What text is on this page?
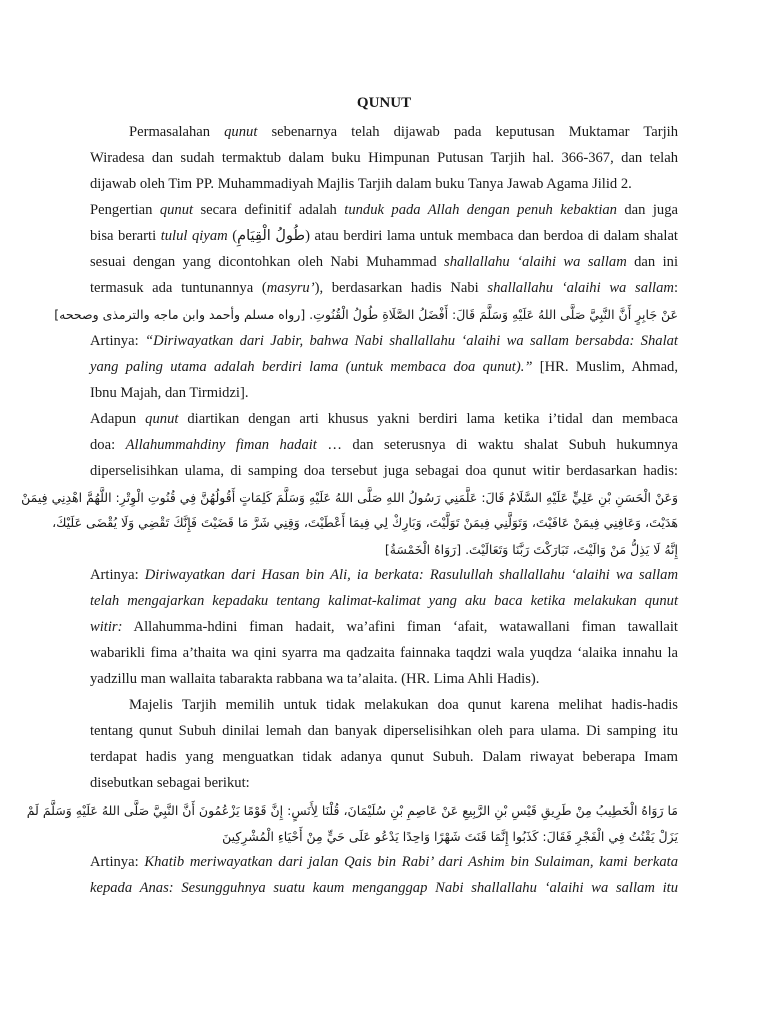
QUNUT
Permasalahan qunut sebenarnya telah dijawab pada keputusan Muktamar Tarjih
Wiradesa dan sudah termaktub dalam buku Himpunan Putusan Tarjih hal. 366-367, dan telah
dijawab oleh Tim PP. Muhammadiyah Majlis Tarjih dalam buku Tanya Jawab Agama Jilid 2.
Pengertian qunut secara definitif adalah tunduk pada Allah dengan penuh kebaktian dan juga
bisa berarti tulul qiyam (طُولُ الْقِيَامِ) atau berdiri lama untuk membaca dan berdoa di dalam shalat
sesuai dengan yang dicontohkan oleh Nabi Muhammad shallallahu ‘alaihi wa sallam dan ini
termasuk ada tuntunannya (masyru’), berdasarkan hadis Nabi shallallahu ‘alaihi wa sallam:
عَنْ جَابِرٍ أَنَّ النَّبِيَّ صَلَّى اللهُ عَلَيْهِ وَسَلَّمَ قَالَ: أَفْضَلُ الصَّلَاةِ طُولُ الْقُنُوتِ. [رواه مسلم وأحمد وابن ماجه والترمذى وصححه]
Artinya: “Diriwayatkan dari Jabir, bahwa Nabi shallallahu ‘alaihi wa sallam bersabda: Shalat
yang paling utama adalah berdiri lama (untuk membaca doa qunut).” [HR. Muslim, Ahmad,
Ibnu Majah, dan Tirmidzi].
Adapun qunut diartikan dengan arti khusus yakni berdiri lama ketika i’tidal dan membaca
doa: Allahummahdiny fiman hadait … dan seterusnya di waktu shalat Subuh hukumnya
diperselisihkan ulama, di samping doa tersebut juga sebagai doa qunut witir berdasarkan hadis:
وَعَنْ الْحَسَنِ بْنِ عَلِيٍّ عَلَيْهِ السَّلَامُ قَالَ: عَلَّمَنِي رَسُولُ اللهِ صَلَّى اللهُ عَلَيْهِ وَسَلَّمَ كَلِمَاتٍ أَقُولُهُنَّ فِي قُنُوتِ الْوِتْرِ: اللَّهُمَّ اهْدِنِي فِيمَنْ
هَدَيْتَ، وَعَافِنِي فِيمَنْ عَافَيْتَ، وَتَوَلَّنِي فِيمَنْ تَوَلَّيْتَ، وَبَارِكْ لِي فِيمَا أَعْطَيْتَ، وَقِنِي شَرَّ مَا قَضَيْتَ فَإِنَّكَ تَقْضِي وَلَا يُقْضَى عَلَيْكَ،
إِنَّهُ لَا يَذِلُّ مَنْ وَالَيْتَ، تَبَارَكْتَ رَبَّنَا وَتَعَالَيْتَ. [رَوَاهُ الْخَمْسَةُ]
Artinya: Diriwayatkan dari Hasan bin Ali, ia berkata: Rasulullah shallallahu ‘alaihi wa sallam
telah mengajarkan kepadaku tentang kalimat-kalimat yang aku baca ketika melakukan qunut
witir: Allahumma-hdini fiman hadait, wa’afini fiman ‘afait, watawallani fiman tawallait
wabarikli fima a’thaita wa qini syarra ma qadzaita fainnaka taqdzi wala yuqdza ‘alaika innahu la
yadzillu man wallaita tabarakta rabbana wa ta’alaita. (HR. Lima Ahli Hadis).
Majelis Tarjih memilih untuk tidak melakukan doa qunut karena melihat hadis-hadis
tentang qunut Subuh dinilai lemah dan banyak diperselisihkan oleh para ulama. Di samping itu
terdapat hadis yang menguatkan tidak adanya qunut Subuh. Dalam riwayat beberapa Imam
disebutkan sebagai berikut:
مَا رَوَاهُ الْخَطِيبُ مِنْ طَرِيقِ قَيْسِ بْنِ الرَّبِيعِ عَنْ عَاصِمِ بْنِ سُلَيْمَانَ، قُلْنَا لِأَنَسٍ: إِنَّ قَوْمًا يَزْعُمُونَ أَنَّ النَّبِيَّ صَلَّى اللهُ عَلَيْهِ وَسَلَّمَ لَمْ
يَزَلْ يَقْنُتُ فِي الْفَجْرِ فَقَالَ: كَذَبُوا إِنَّمَا قَنَتَ شَهْرًا وَاحِدًا يَدْعُو عَلَى حَيٍّ مِنْ أَحْيَاءِ الْمُشْرِكِينَ
Artinya: Khatib meriwayatkan dari jalan Qais bin Rabi’ dari Ashim bin Sulaiman, kami berkata
kepada Anas: Sesungguhnya suatu kaum menganggap Nabi shallallahu ‘alaihi wa sallam itu
